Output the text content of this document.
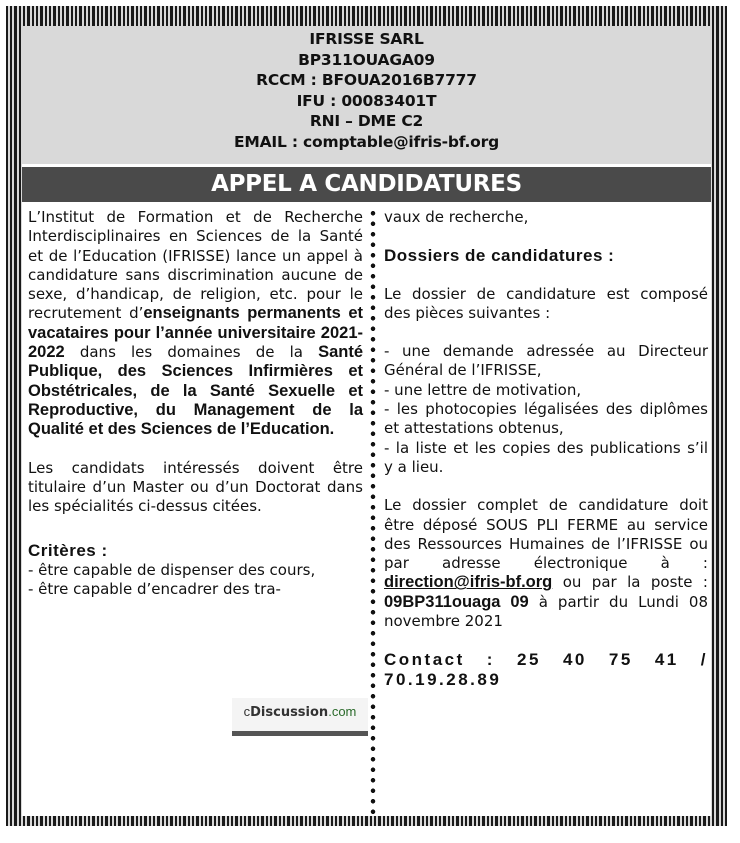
IFRISSE SARL
BP311OUAGA09
RCCM : BFOUA2016B7777
IFU : 00083401T
RNI – DME C2
EMAIL : comptable@ifris-bf.org
APPEL A CANDIDATURES

L’Institut de Formation et de Recherche Interdisciplinaires en Sciences de la Santé et de l’Education (IFRISSE) lance un appel à candidature sans discrimination aucune de sexe, d’handicap, de religion, etc. pour le recrutement d’enseignants permanents et vacataires pour l’année universitaire 2021-2022 dans les domaines de la Santé Publique, des Sciences Infirmières et Obstétricales, de la Santé Sexuelle et Reproductive, du Management de la Qualité et des Sciences de l’Education.

Les candidats intéressés doivent être titulaire d’un Master ou d’un Doctorat dans les spécialités ci-dessus citées.

Critères :

- être capable de dispenser des cours,

- être capable d’encadrer des tra-

vaux de recherche,

Dossiers de candidatures :

Le dossier de candidature est composé des pièces suivantes :

- une demande adressée au Directeur Général de l’IFRISSE,

- une lettre de motivation,

- les photocopies légalisées des diplômes et attestations obtenus,

- la liste et les copies des publications s’il y a lieu.

Le dossier complet de candidature doit être déposé SOUS PLI FERME au service des Ressources Humaines de l’IFRISSE ou par adresse électronique à : direction@ifris-bf.org ou par la poste : 09BP311ouaga 09 à partir du Lundi 08 novembre 2021

Contact : 25 40 75 41 / 70.19.28.89

cDiscussion.com
